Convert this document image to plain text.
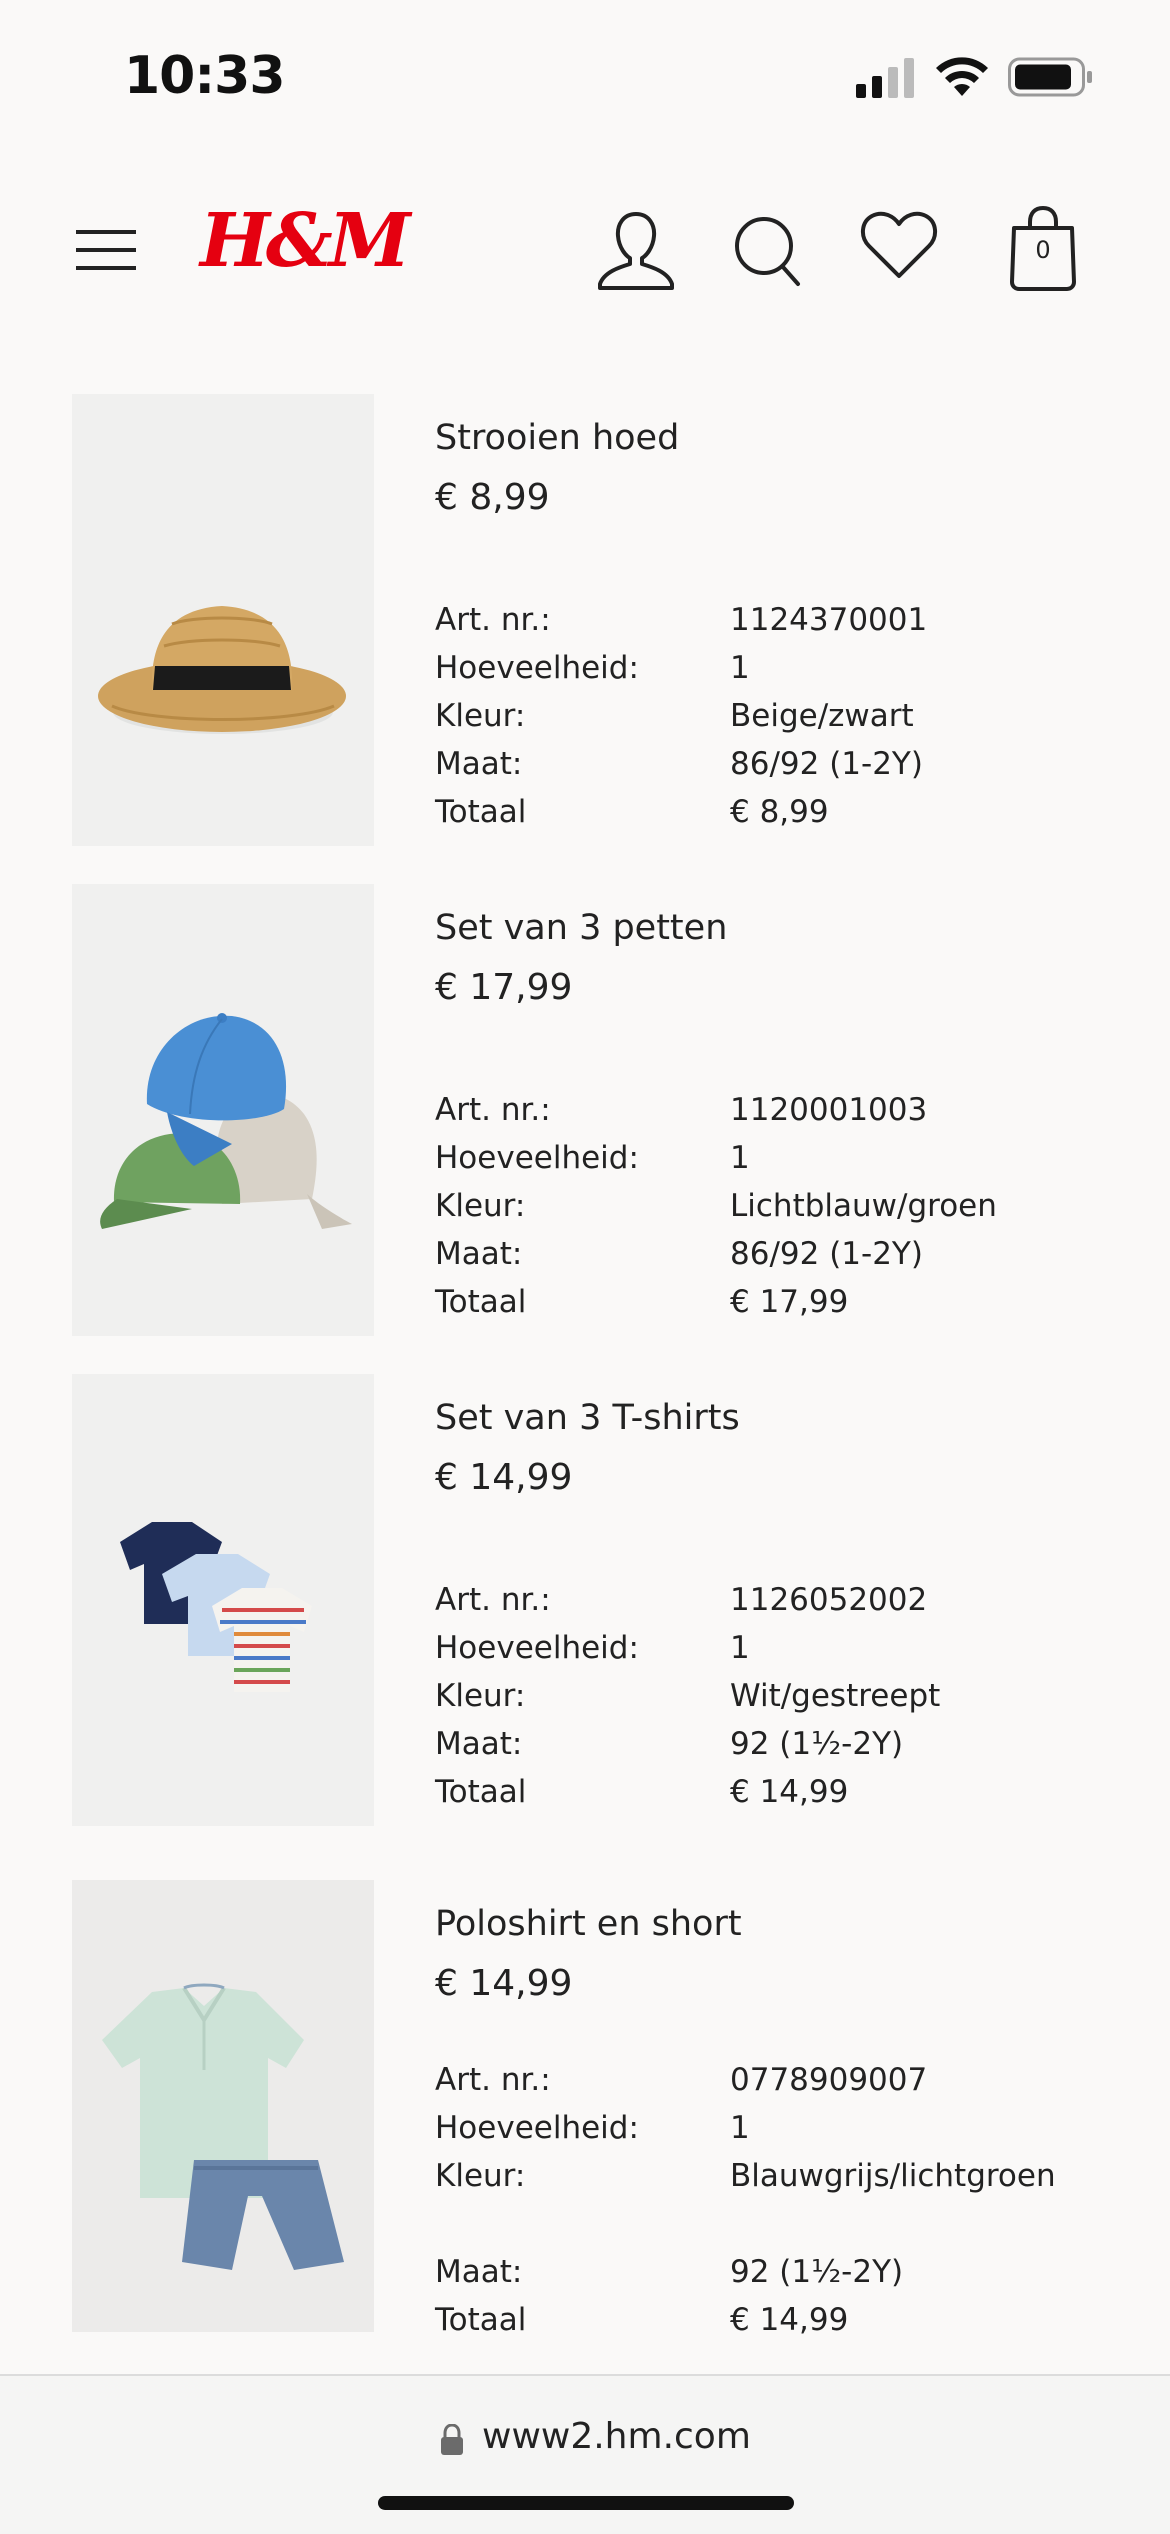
10:33
H&M	0
Strooien hoed
€ 8,99
Art. nr.:	1124370001
Hoeveelheid:	1
Kleur:	Beige/zwart
Maat:	86/92 (1-2Y)
Totaal	€ 8,99
Set van 3 petten
€ 17,99
Art. nr.:	1120001003
Hoeveelheid:	1
Kleur:	Lichtblauw/groen
Maat:	86/92 (1-2Y)
Totaal	€ 17,99
Set van 3 T-shirts
€ 14,99
Art. nr.:	1126052002
Hoeveelheid:	1
Kleur:	Wit/gestreept
Maat:	92 (1½-2Y)
Totaal	€ 14,99
Poloshirt en short
€ 14,99
Art. nr.:	0778909007
Hoeveelheid:	1
Kleur:	Blauwgrijs/lichtgroen
Maat:	92 (1½-2Y)
Totaal	€ 14,99
www2.hm.com
